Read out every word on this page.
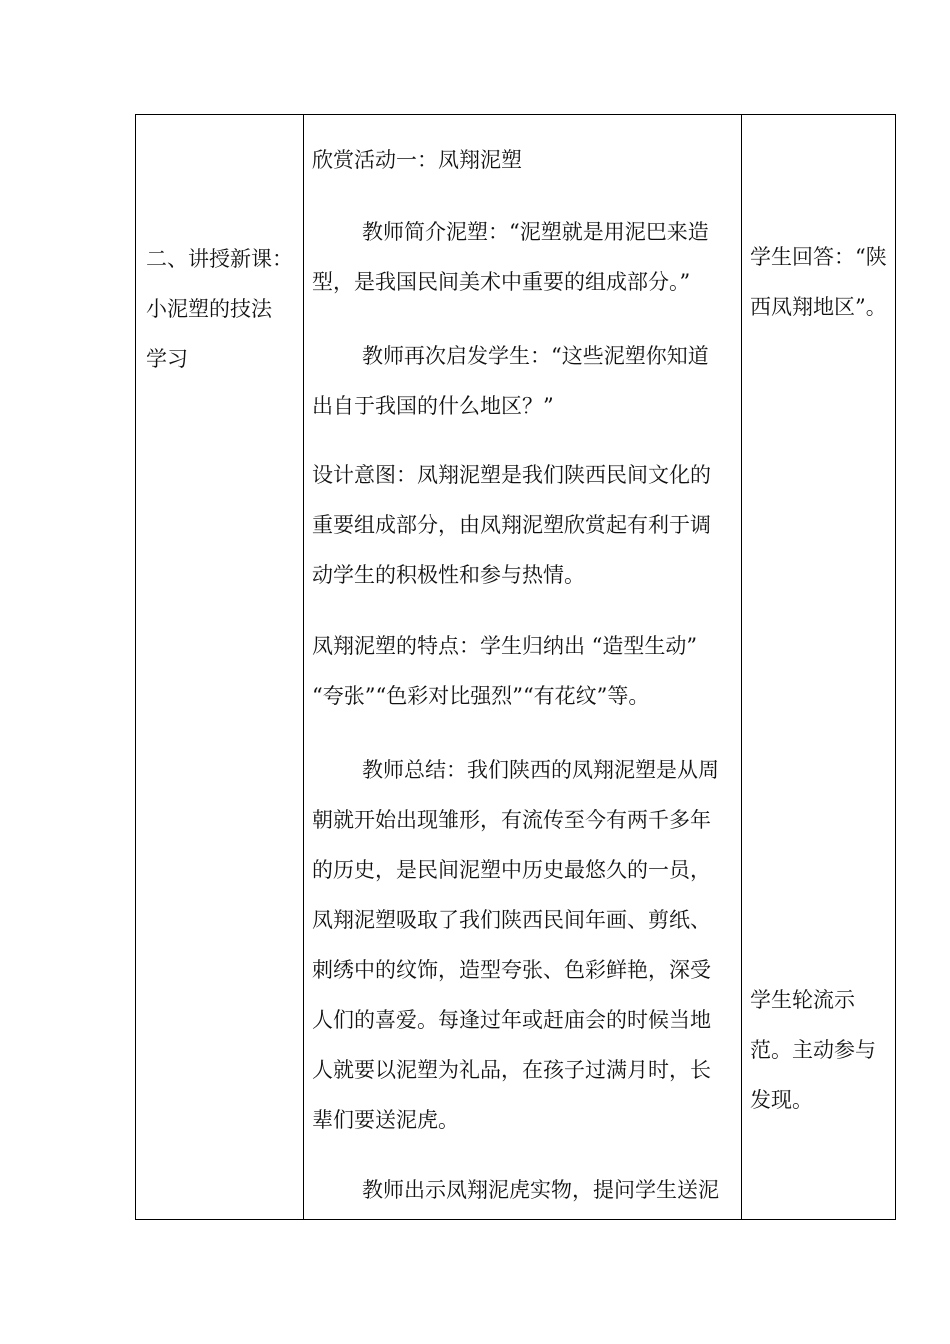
二、讲授新课：
小泥塑的技法
学习
欣赏活动一：凤翔泥塑
教师简介泥塑：“泥塑就是用泥巴来造
型，是我国民间美术中重要的组成部分。”
教师再次启发学生：“这些泥塑你知道
出自于我国的什么地区？”
设计意图：凤翔泥塑是我们陕西民间文化的
重要组成部分，由凤翔泥塑欣赏起有利于调
动学生的积极性和参与热情。
凤翔泥塑的特点：学生归纳出 “造型生动”
“夸张”“色彩对比强烈”“有花纹”等。
教师总结：我们陕西的凤翔泥塑是从周
朝就开始出现雏形，有流传至今有两千多年
的历史，是民间泥塑中历史最悠久的一员，
凤翔泥塑吸取了我们陕西民间年画、剪纸、
刺绣中的纹饰，造型夸张、色彩鲜艳，深受
人们的喜爱。每逢过年或赶庙会的时候当地
人就要以泥塑为礼品，在孩子过满月时，长
辈们要送泥虎。
教师出示凤翔泥虎实物，提问学生送泥
学生回答：“陕
西凤翔地区”。
学生轮流示
范。主动参与
发现。
